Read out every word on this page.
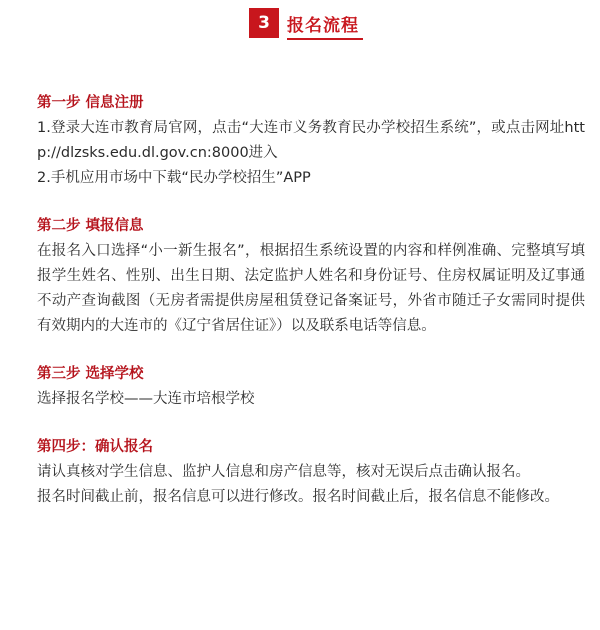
3	报名流程
第一步 信息注册

1.登录大连市教育局官网，点击“大连市义务教育民办学校招生系统”，或点击网址http://dlzsks.edu.dl.gov.cn:8000进入

2.手机应用市场中下载“民办学校招生”APP

第二步 填报信息

在报名入口选择“小一新生报名”，根据招生系统设置的内容和样例准确、完整填写填报学生姓名、性别、出生日期、法定监护人姓名和身份证号、住房权属证明及辽事通不动产查询截图（无房者需提供房屋租赁登记备案证号，外省市随迁子女需同时提供有效期内的大连市的《辽宁省居住证》）以及联系电话等信息。

第三步 选择学校

选择报名学校——大连市培根学校

第四步：确认报名

请认真核对学生信息、监护人信息和房产信息等，核对无误后点击确认报名。

报名时间截止前，报名信息可以进行修改。报名时间截止后，报名信息不能修改。
